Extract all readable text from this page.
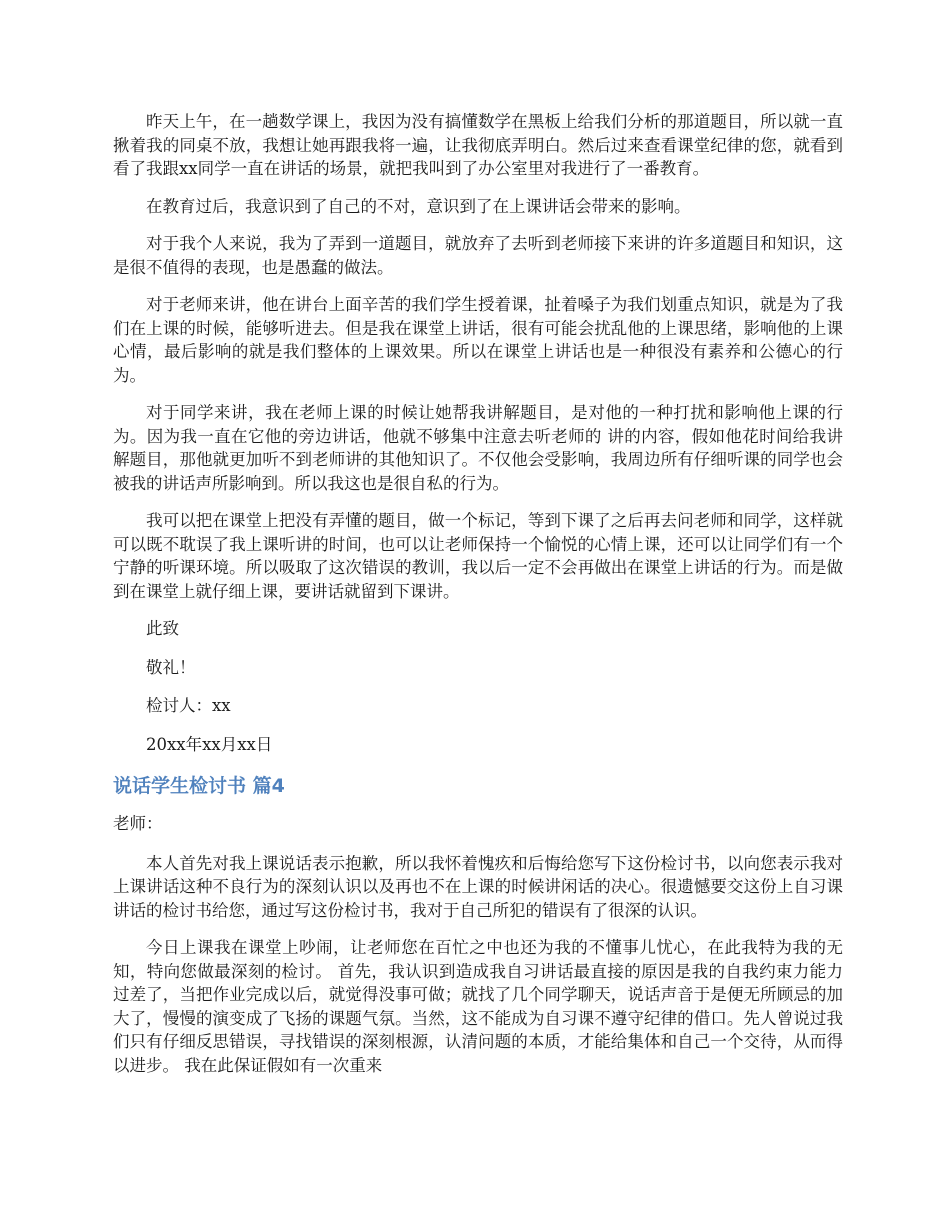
昨天上午，在一趟数学课上，我因为没有搞懂数学在黑板上给我们分析的那道题目，所以就一直揪着我的同桌不放，我想让她再跟我将一遍，让我彻底弄明白。然后过来查看课堂纪律的您，就看到看了我跟xx同学一直在讲话的场景，就把我叫到了办公室里对我进行了一番教育。

在教育过后，我意识到了自己的不对，意识到了在上课讲话会带来的影响。

对于我个人来说，我为了弄到一道题目，就放弃了去听到老师接下来讲的许多道题目和知识，这是很不值得的表现，也是愚蠢的做法。

对于老师来讲，他在讲台上面辛苦的我们学生授着课，扯着嗓子为我们划重点知识，就是为了我们在上课的时候，能够听进去。但是我在课堂上讲话，很有可能会扰乱他的上课思绪，影响他的上课心情，最后影响的就是我们整体的上课效果。所以在课堂上讲话也是一种很没有素养和公德心的行为。

对于同学来讲，我在老师上课的时候让她帮我讲解题目，是对他的一种打扰和影响他上课的行为。因为我一直在它他的旁边讲话，他就不够集中注意去听老师的 讲的内容，假如他花时间给我讲解题目，那他就更加听不到老师讲的其他知识了。不仅他会受影响，我周边所有仔细听课的同学也会被我的讲话声所影响到。所以我这也是很自私的行为。

我可以把在课堂上把没有弄懂的题目，做一个标记，等到下课了之后再去问老师和同学，这样就可以既不耽误了我上课听讲的时间，也可以让老师保持一个愉悦的心情上课，还可以让同学们有一个宁静的听课环境。所以吸取了这次错误的教训，我以后一定不会再做出在课堂上讲话的行为。而是做到在课堂上就仔细上课，要讲话就留到下课讲。

此致

敬礼！

检讨人：xx

20xx年xx月xx日

说话学生检讨书 篇4

老师：

本人首先对我上课说话表示抱歉，所以我怀着愧疚和后悔给您写下这份检讨书，以向您表示我对上课讲话这种不良行为的深刻认识以及再也不在上课的时候讲闲话的决心。很遗憾要交这份上自习课讲话的检讨书给您，通过写这份检讨书，我对于自己所犯的错误有了很深的认识。

今日上课我在课堂上吵闹，让老师您在百忙之中也还为我的不懂事儿忧心，在此我特为我的无知，特向您做最深刻的检讨。 首先，我认识到造成我自习讲话最直接的原因是我的自我约束力能力过差了，当把作业完成以后，就觉得没事可做；就找了几个同学聊天，说话声音于是便无所顾忌的加大了，慢慢的演变成了飞扬的课题气氛。当然，这不能成为自习课不遵守纪律的借口。先人曾说过我们只有仔细反思错误，寻找错误的深刻根源，认清问题的本质，才能给集体和自己一个交待，从而得以进步。 我在此保证假如有一次重来
